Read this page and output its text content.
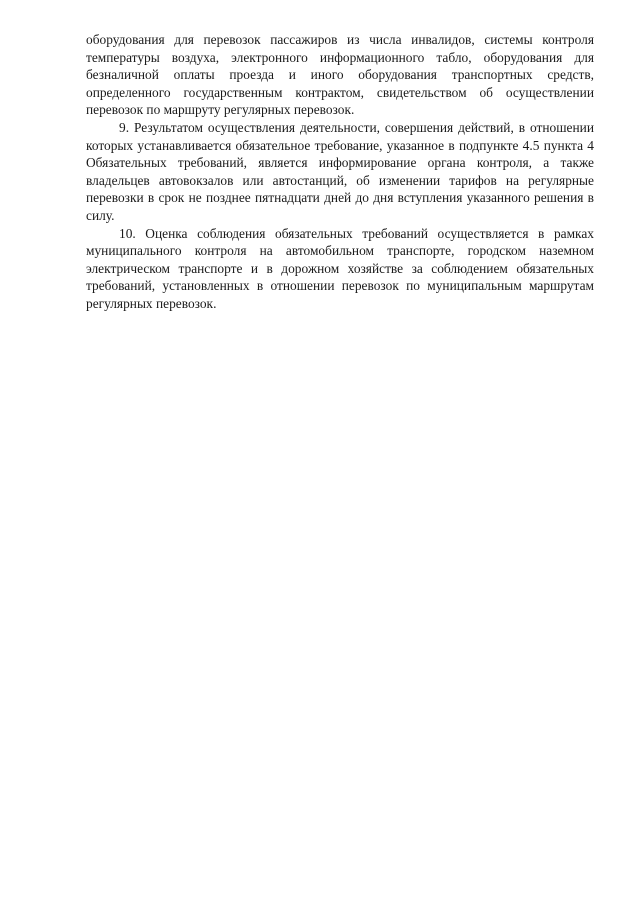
оборудования для перевозок пассажиров из числа инвалидов, системы контроля температуры воздуха, электронного информационного табло, оборудования для безналичной оплаты проезда и иного оборудования транспортных средств, определенного государственным контрактом, свидетельством об осуществлении перевозок по маршруту регулярных перевозок.

9. Результатом осуществления деятельности, совершения действий, в отношении которых устанавливается обязательное требование, указанное в подпункте 4.5 пункта 4 Обязательных требований, является информирование органа контроля, а также владельцев автовокзалов или автостанций, об изменении тарифов на регулярные перевозки в срок не позднее пятнадцати дней до дня вступления указанного решения в силу.

10. Оценка соблюдения обязательных требований осуществляется в рамках муниципального контроля на автомобильном транспорте, городском наземном электрическом транспорте и в дорожном хозяйстве за соблюдением обязательных требований, установленных в отношении перевозок по муниципальным маршрутам регулярных перевозок.
